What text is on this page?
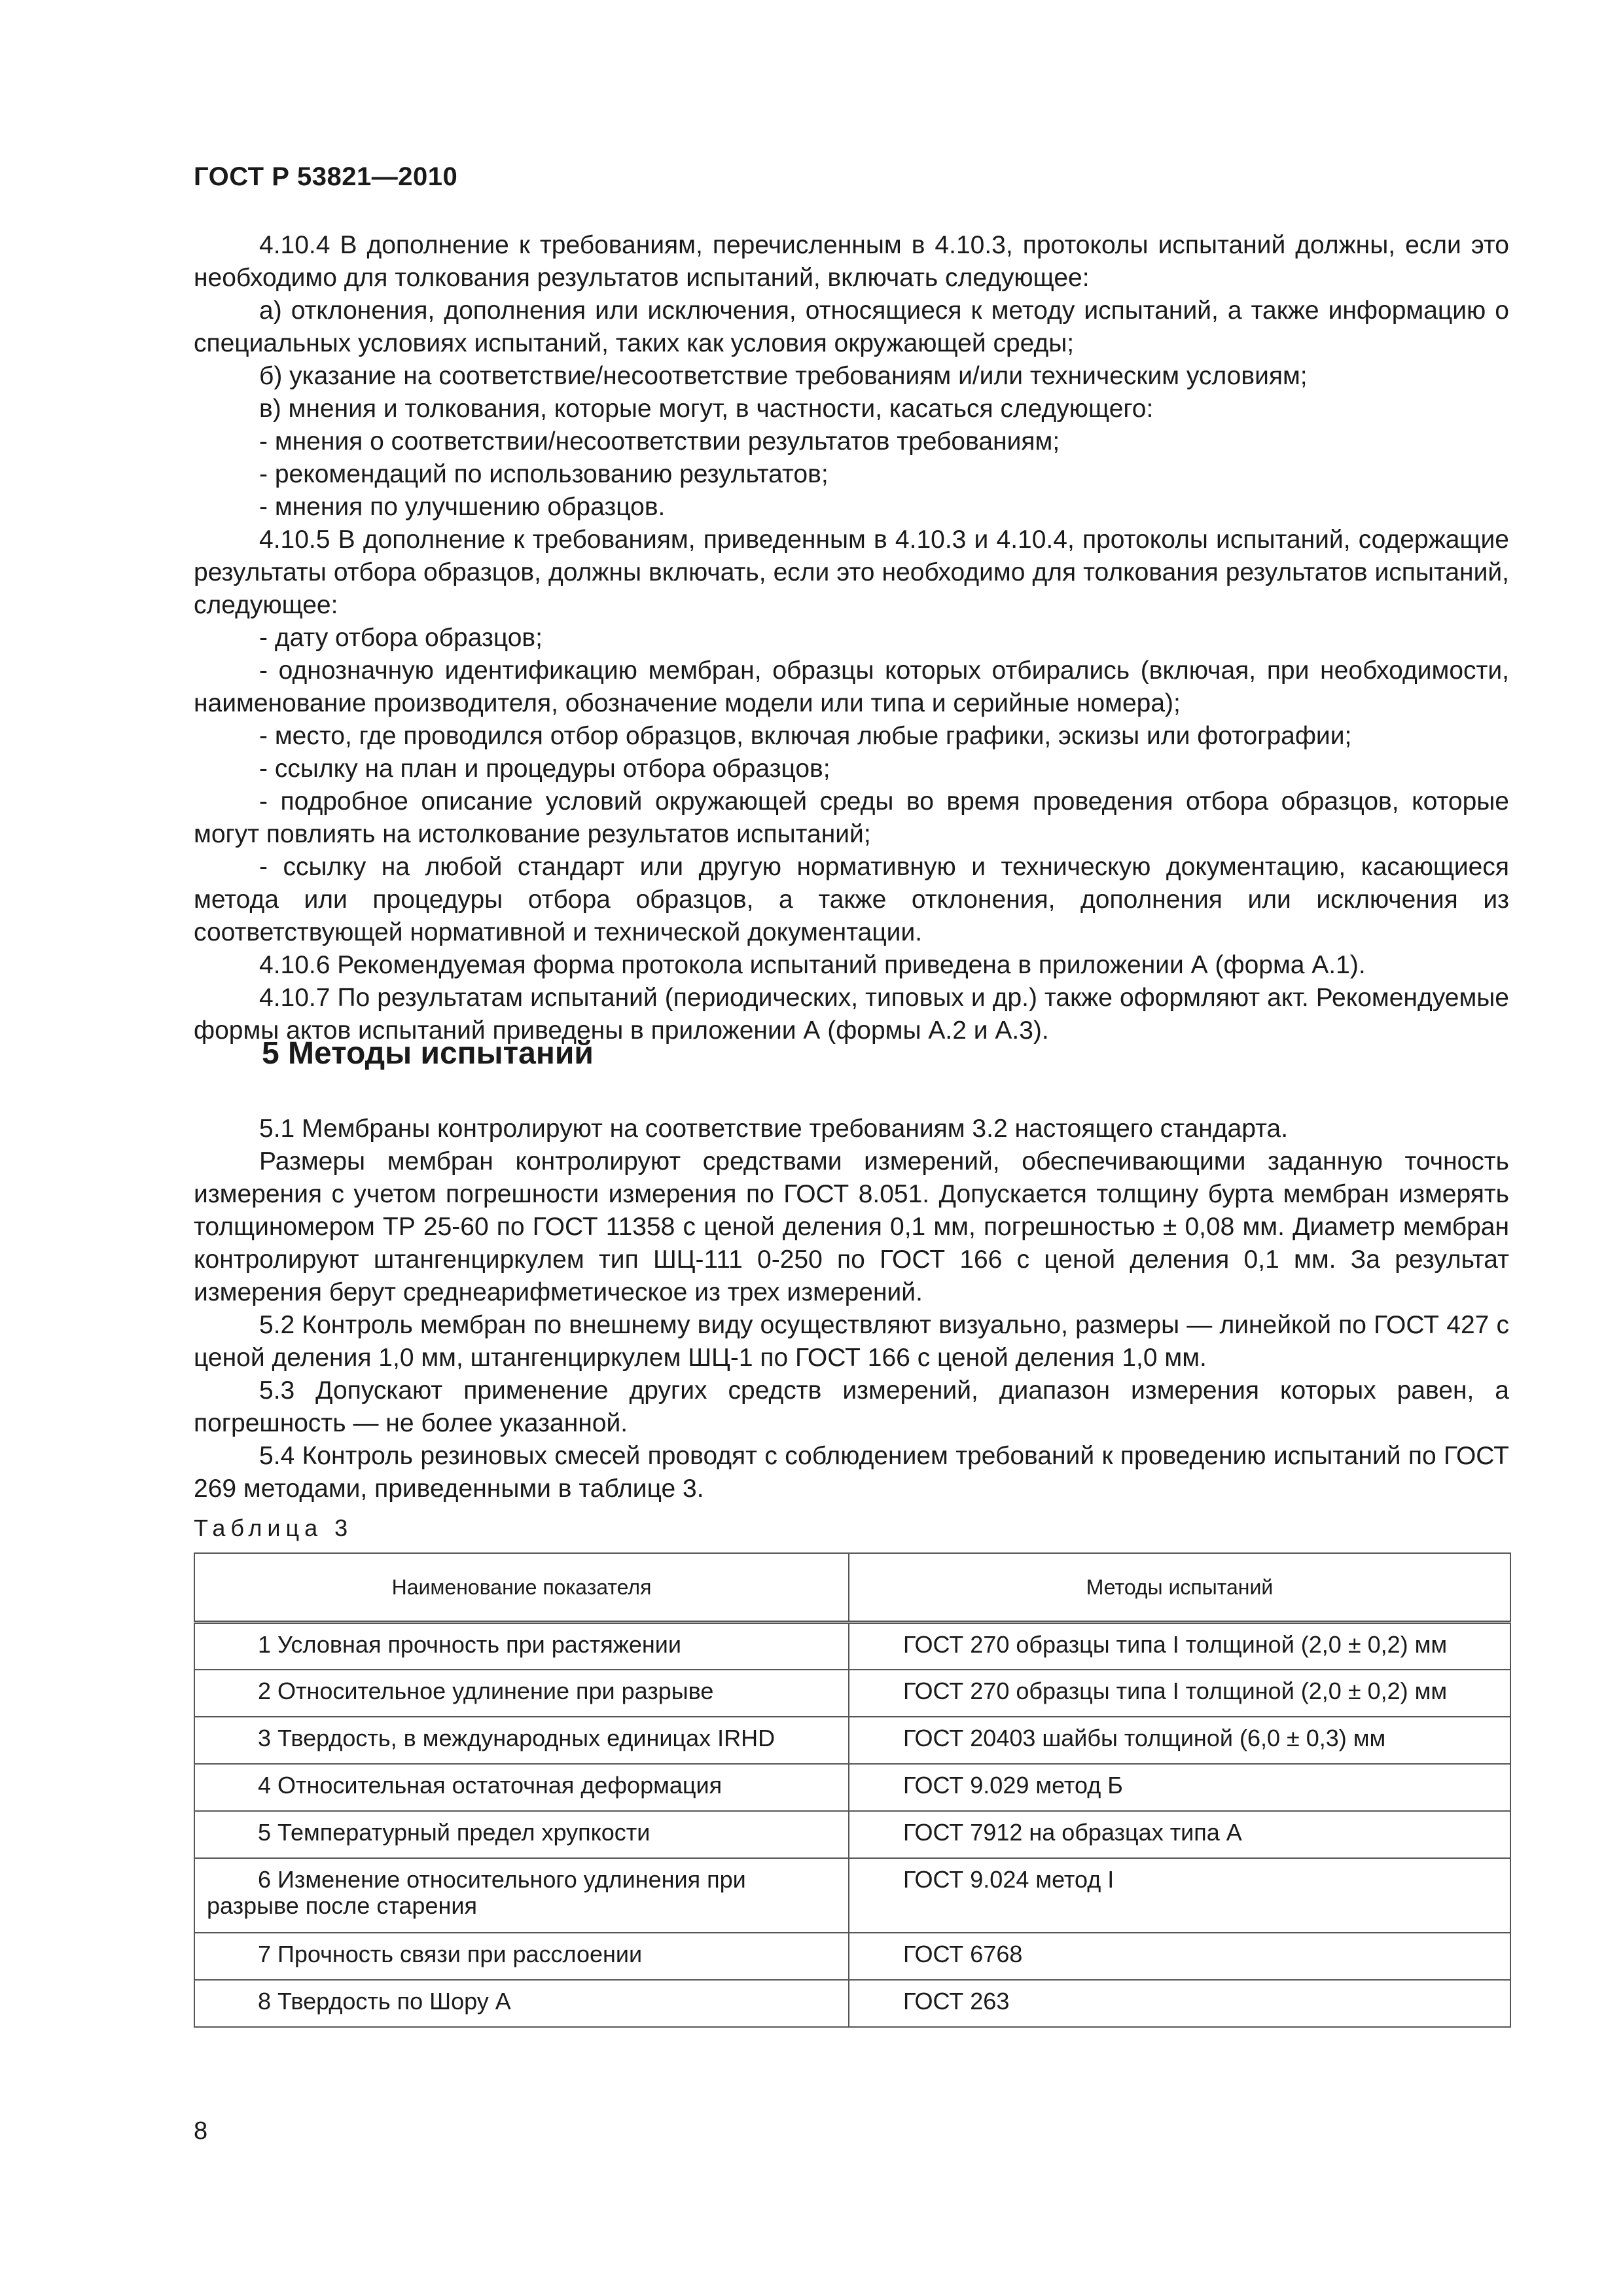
ГОСТ Р 53821—2010

4.10.4 В дополнение к требованиям, перечисленным в 4.10.3, протоколы испытаний должны, если это необходимо для толкования результатов испытаний, включать следующее:

а) отклонения, дополнения или исключения, относящиеся к методу испытаний, а также информацию о специальных условиях испытаний, таких как условия окружающей среды;

б) указание на соответствие/несоответствие требованиям и/или техническим условиям;

в) мнения и толкования, которые могут, в частности, касаться следующего:

- мнения о соответствии/несоответствии результатов требованиям;

- рекомендаций по использованию результатов;

- мнения по улучшению образцов.

4.10.5 В дополнение к требованиям, приведенным в 4.10.3 и 4.10.4, протоколы испытаний, содержащие результаты отбора образцов, должны включать, если это необходимо для толкования результатов испытаний, следующее:

- дату отбора образцов;

- однозначную идентификацию мембран, образцы которых отбирались (включая, при необходимости, наименование производителя, обозначение модели или типа и серийные номера);

- место, где проводился отбор образцов, включая любые графики, эскизы или фотографии;

- ссылку на план и процедуры отбора образцов;

- подробное описание условий окружающей среды во время проведения отбора образцов, которые могут повлиять на истолкование результатов испытаний;

- ссылку на любой стандарт или другую нормативную и техническую документацию, касающиеся метода или процедуры отбора образцов, а также отклонения, дополнения или исключения из соответствующей нормативной и технической документации.

4.10.6 Рекомендуемая форма протокола испытаний приведена в приложении А (форма А.1).

4.10.7 По результатам испытаний (периодических, типовых и др.) также оформляют акт. Рекомендуемые формы актов испытаний приведены в приложении А (формы А.2 и А.3).

5 Методы испытаний

5.1 Мембраны контролируют на соответствие требованиям 3.2 настоящего стандарта.

Размеры мембран контролируют средствами измерений, обеспечивающими заданную точность измерения с учетом погрешности измерения по ГОСТ 8.051. Допускается толщину бурта мембран измерять толщиномером ТР 25-60 по ГОСТ 11358 с ценой деления 0,1 мм, погрешностью ± 0,08 мм. Диаметр мембран контролируют штангенциркулем тип ШЦ-111 0-250 по ГОСТ 166 с ценой деления 0,1 мм. За результат измерения берут среднеарифметическое из трех измерений.

5.2 Контроль мембран по внешнему виду осуществляют визуально, размеры — линейкой по ГОСТ 427 с ценой деления 1,0 мм, штангенциркулем ШЦ-1 по ГОСТ 166 с ценой деления 1,0 мм.

5.3 Допускают применение других средств измерений, диапазон измерения которых равен, а погрешность — не более указанной.

5.4 Контроль резиновых смесей проводят с соблюдением требований к проведению испытаний по ГОСТ 269 методами, приведенными в таблице 3.

Таблица 3
Наименование показателя	Методы испытаний
1 Условная прочность при растяжении	ГОСТ 270 образцы типа I толщиной (2,0 ± 0,2) мм
2 Относительное удлинение при разрыве	ГОСТ 270 образцы типа I толщиной (2,0 ± 0,2) мм
3 Твердость, в международных единицах IRHD	ГОСТ 20403 шайбы толщиной (6,0 ± 0,3) мм
4 Относительная остаточная деформация	ГОСТ 9.029 метод Б
5 Температурный предел хрупкости	ГОСТ 7912 на образцах типа А
6 Изменение относительного удлинения при разрыве после старения	ГОСТ 9.024 метод I
7 Прочность связи при расслоении	ГОСТ 6768
8 Твердость по Шору А	ГОСТ 263
8
